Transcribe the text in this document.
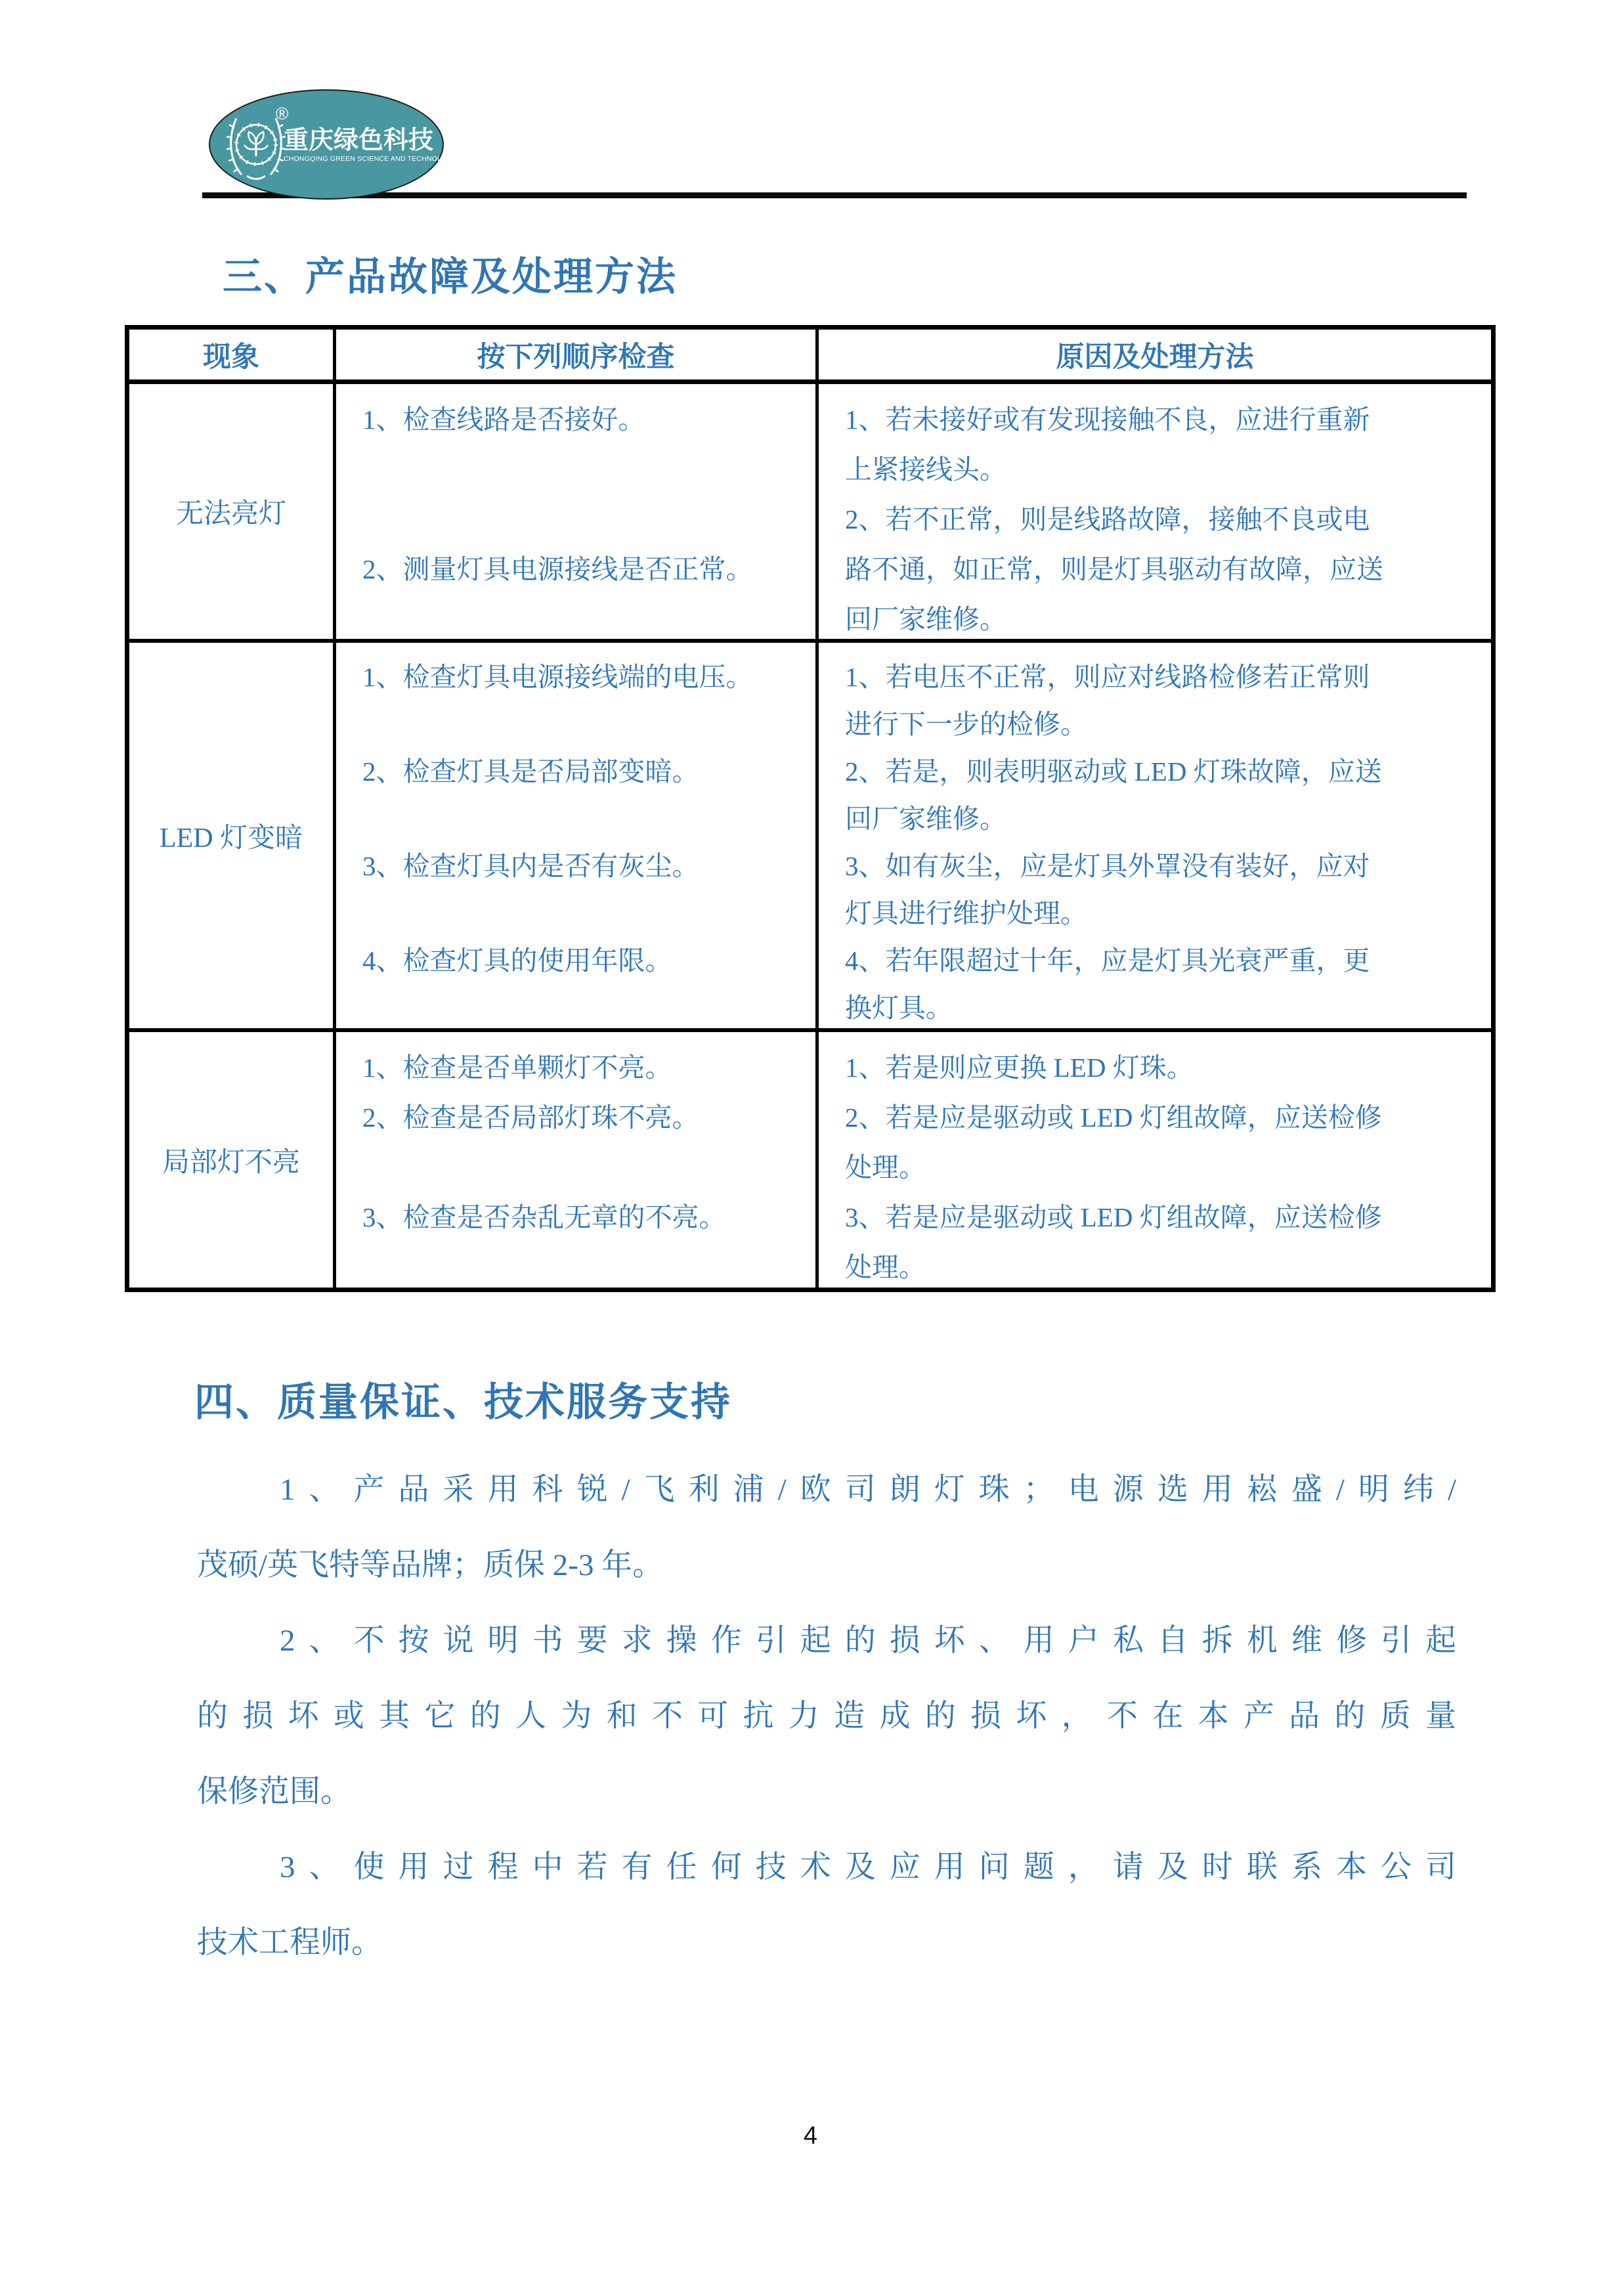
®
重庆绿色科技
CHONGQING GREEN SCIENCE AND TECHNOLOGY
三、产品故障及处理方法
现象	按下列顺序检查	原因及处理方法
无法亮灯
1、检查线路是否接好。
2、测量灯具电源接线是否正常。
1、若未接好或有发现接触不良，应进行重新
上紧接线头。
2、若不正常，则是线路故障，接触不良或电
路不通，如正常，则是灯具驱动有故障，应送
回厂家维修。
LED 灯变暗
1、检查灯具电源接线端的电压。
2、检查灯具是否局部变暗。
3、检查灯具内是否有灰尘。
4、检查灯具的使用年限。
1、若电压不正常，则应对线路检修若正常则
进行下一步的检修。
2、若是，则表明驱动或 LED 灯珠故障，应送
回厂家维修。
3、如有灰尘，应是灯具外罩没有装好，应对
灯具进行维护处理。
4、若年限超过十年，应是灯具光衰严重，更
换灯具。
局部灯不亮
1、检查是否单颗灯不亮。
2、检查是否局部灯珠不亮。
3、检查是否杂乱无章的不亮。
1、若是则应更换 LED 灯珠。
2、若是应是驱动或 LED 灯组故障，应送检修
处理。
3、若是应是驱动或 LED 灯组故障，应送检修
处理。
四、质量保证、技术服务支持
1、产品采用科锐/飞利浦/欧司朗灯珠；电源选用崧盛/明纬/
茂硕/英飞特等品牌；质保 2-3 年。
2、不按说明书要求操作引起的损坏、用户私自拆机维修引起
的损坏或其它的人为和不可抗力造成的损坏，不在本产品的质量
保修范围。
3、使用过程中若有任何技术及应用问题，请及时联系本公司
技术工程师。
4
